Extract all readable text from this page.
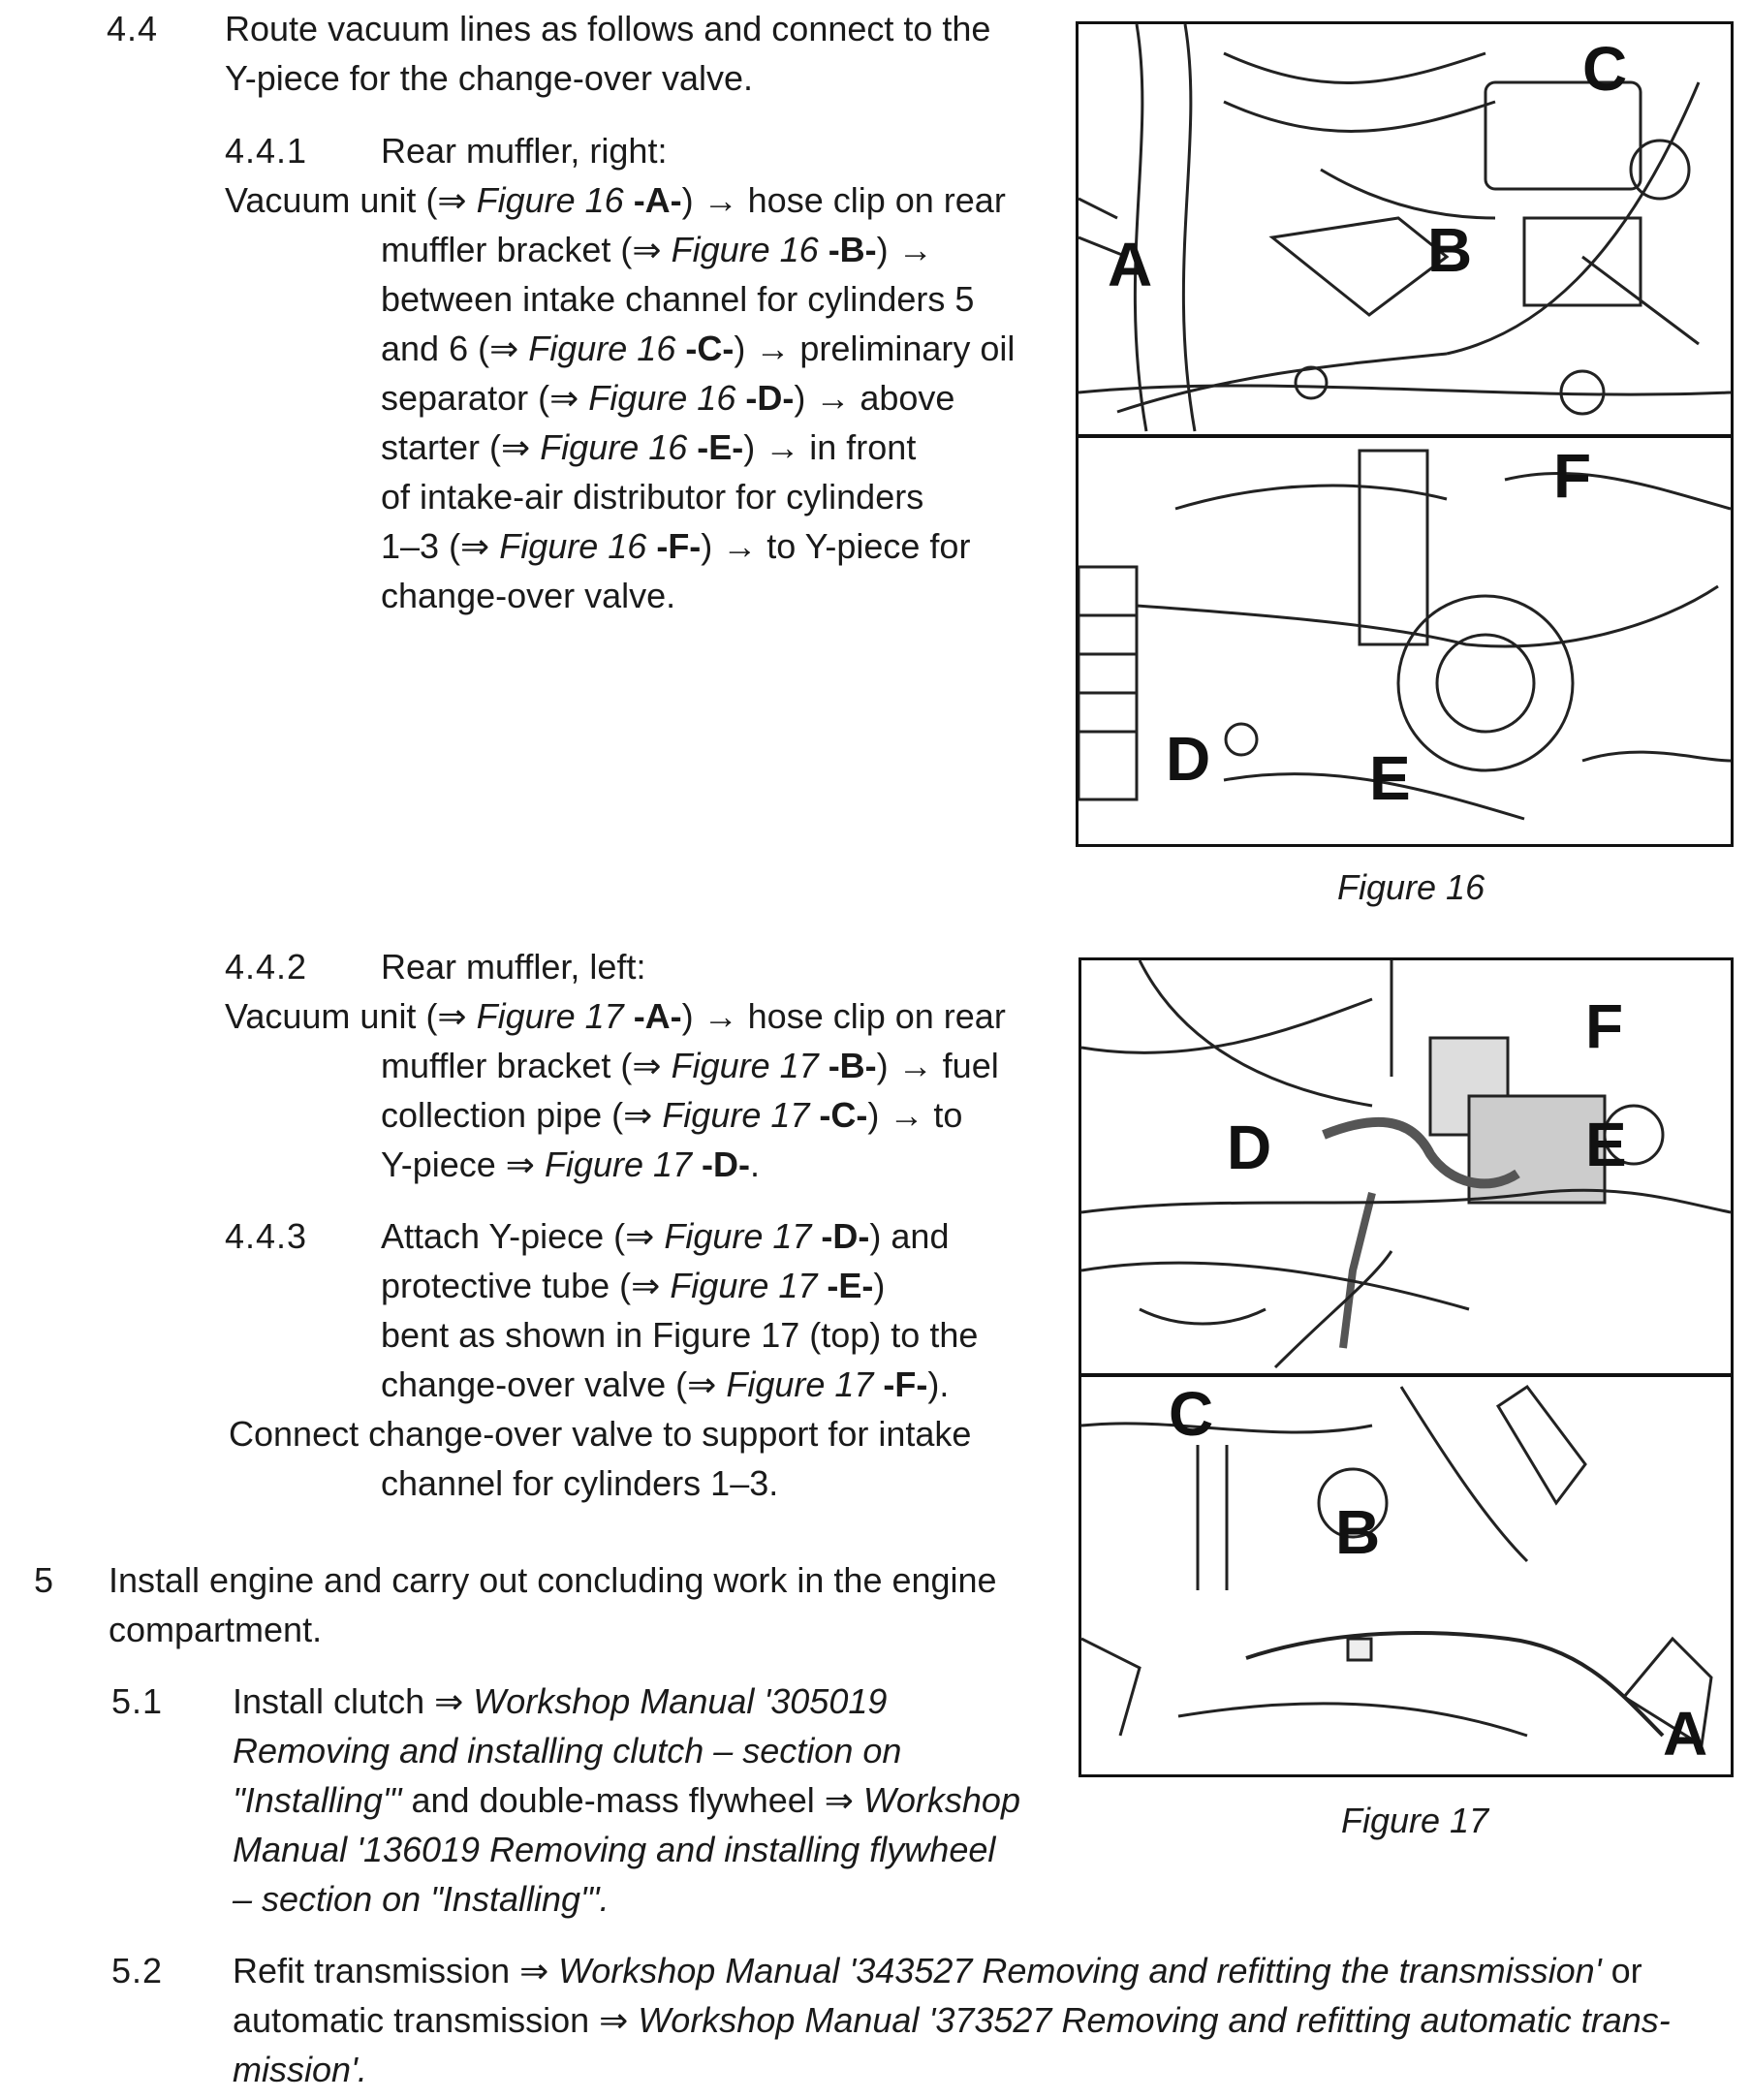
4.4 Route vacuum lines as follows and connect to the
Y-piece for the change-over valve.
4.4.1 Rear muffler, right:
Vacuum unit (⇒ Figure 16 -A-) → hose clip on rear
muffler bracket (⇒ Figure 16 -B-) →
between intake channel for cylinders 5
and 6 (⇒ Figure 16 -C-) → preliminary oil
separator (⇒ Figure 16 -D-) → above
starter (⇒ Figure 16 -E-) → in front
of intake-air distributor for cylinders
1–3 (⇒ Figure 16 -F-) → to Y-piece for
change-over valve.
4.4.2 Rear muffler, left:
Vacuum unit (⇒ Figure 17 -A-) → hose clip on rear
muffler bracket (⇒ Figure 17 -B-) → fuel
collection pipe (⇒ Figure 17 -C-) → to
Y-piece ⇒ Figure 17 -D-.
4.4.3 Attach Y-piece (⇒ Figure 17 -D-) and
protective tube (⇒ Figure 17 -E-)
bent as shown in Figure 17 (top) to the
change-over valve (⇒ Figure 17 -F-).
Connect change-over valve to support for intake
channel for cylinders 1–3.
5 Install engine and carry out concluding work in the engine
compartment.
5.1 Install clutch ⇒ Workshop Manual '305019
Removing and installing clutch – section on
"Installing"' and double-mass flywheel ⇒ Workshop
Manual '136019 Removing and installing flywheel
– section on "Installing"'.
5.2 Refit transmission ⇒ Workshop Manual '343527 Removing and refitting the transmission' or
automatic transmission ⇒ Workshop Manual '373527 Removing and refitting automatic trans-
mission'.
C
A	B
F
D	E
Figure 16
F
D	E
C
B
A
Figure 17
